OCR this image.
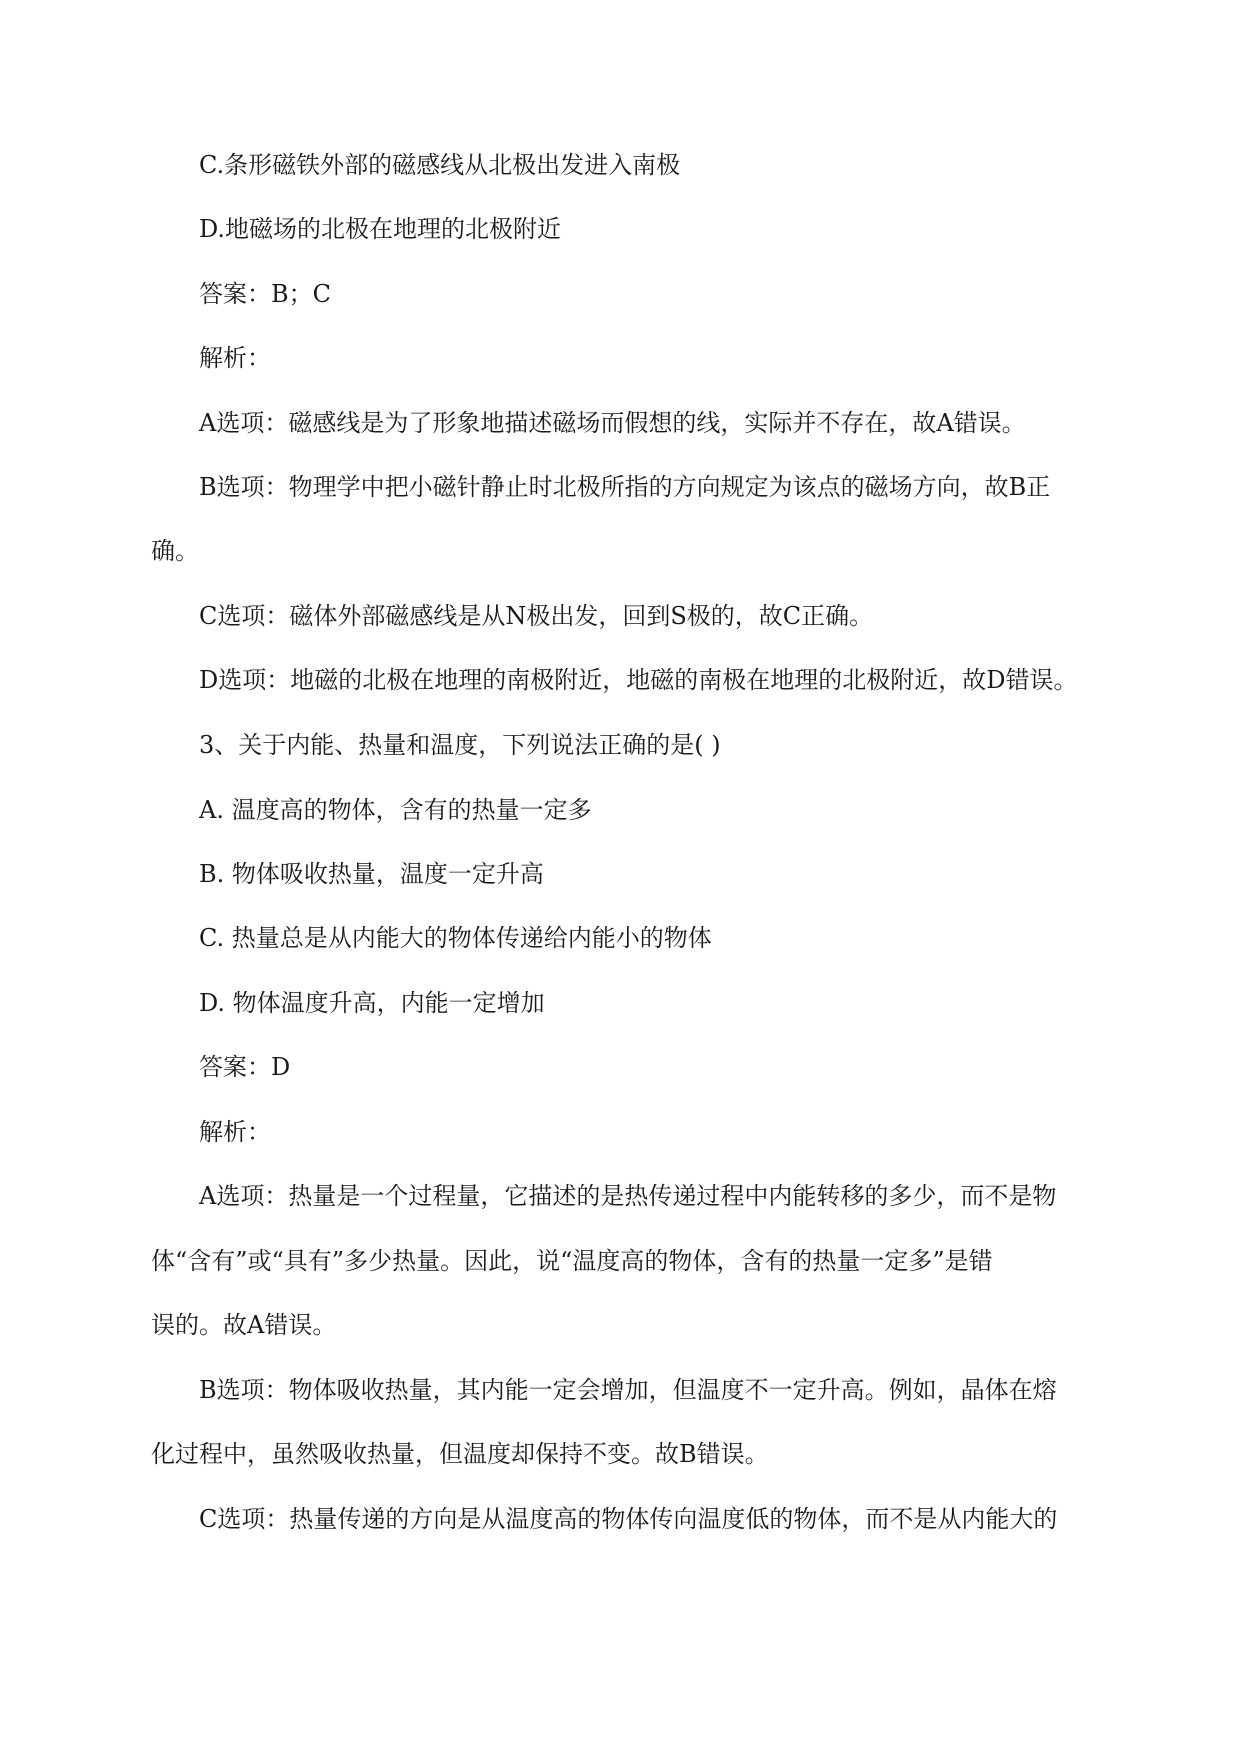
C.条形磁铁外部的磁感线从北极出发进入南极
D.地磁场的北极在地理的北极附近
答案：B；C
解析：
A选项：磁感线是为了形象地描述磁场而假想的线，实际并不存在，故A错误。
B选项：物理学中把小磁针静止时北极所指的方向规定为该点的磁场方向，故B正
确。
C选项：磁体外部磁感线是从N极出发，回到S极的，故C正确。
D选项：地磁的北极在地理的南极附近，地磁的南极在地理的北极附近，故D错误。
3、关于内能、热量和温度，下列说法正确的是( )
A. 温度高的物体，含有的热量一定多
B. 物体吸收热量，温度一定升高
C. 热量总是从内能大的物体传递给内能小的物体
D. 物体温度升高，内能一定增加
答案：D
解析：
A选项：热量是一个过程量，它描述的是热传递过程中内能转移的多少，而不是物
体“含有”或“具有”多少热量。因此，说“温度高的物体，含有的热量一定多”是错
误的。故A错误。
B选项：物体吸收热量，其内能一定会增加，但温度不一定升高。例如，晶体在熔
化过程中，虽然吸收热量，但温度却保持不变。故B错误。
C选项：热量传递的方向是从温度高的物体传向温度低的物体，而不是从内能大的
